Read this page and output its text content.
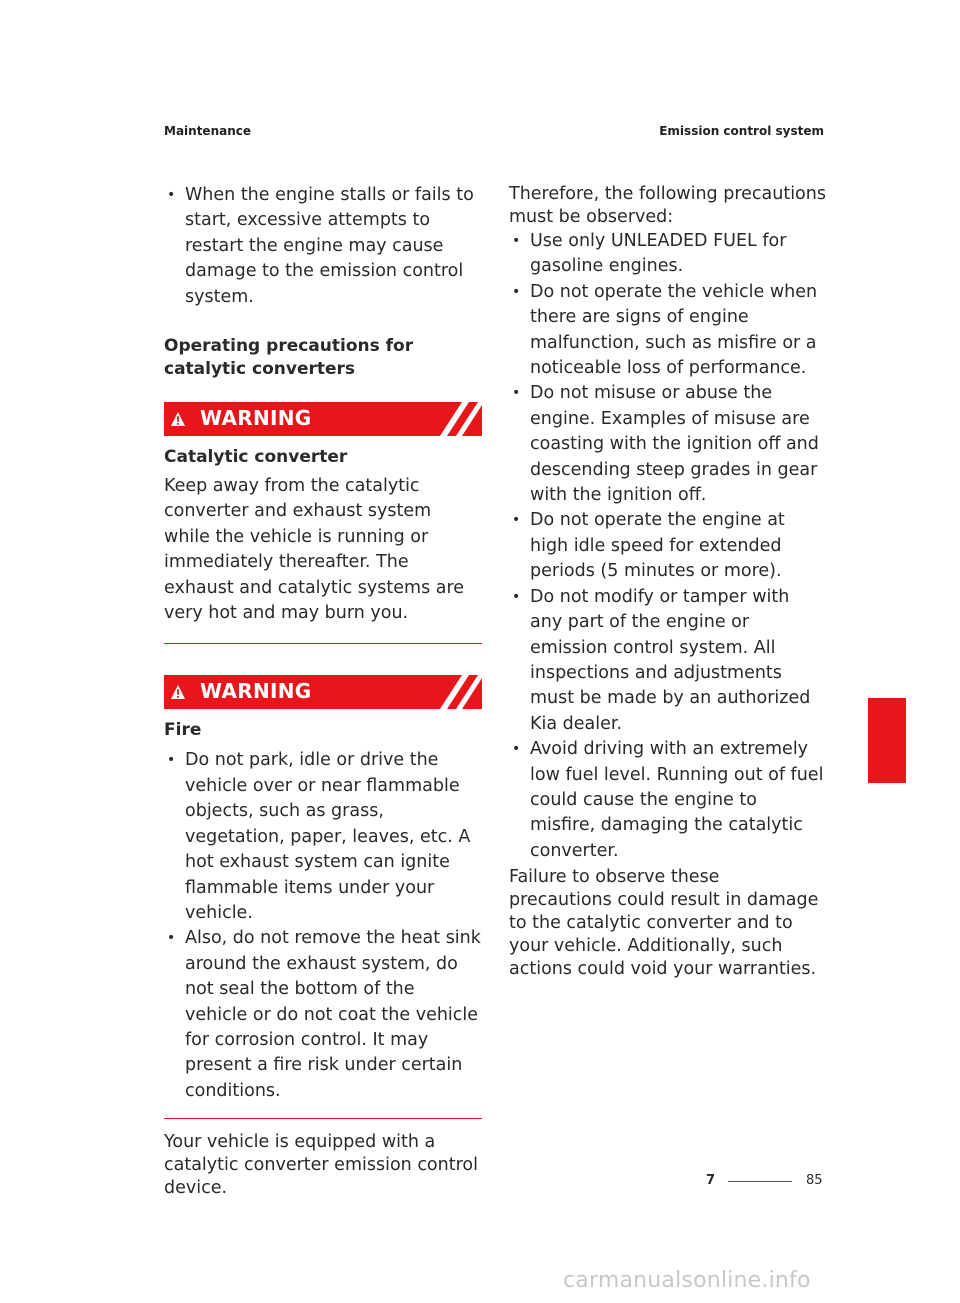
Maintenance	Emission control system

• When the engine stalls or fails to start, excessive attempts to restart the engine may cause damage to the emission control system.

Operating precautions for catalytic converters
WARNING
Catalytic converter
Keep away from the catalytic converter and exhaust system while the vehicle is running or immediately thereafter. The exhaust and catalytic systems are very hot and may burn you.
WARNING
Fire

• Do not park, idle or drive the vehicle over or near flammable objects, such as grass, vegetation, paper, leaves, etc. A hot exhaust system can ignite flammable items under your vehicle.

• Also, do not remove the heat sink around the exhaust system, do not seal the bottom of the vehicle or do not coat the vehicle for corrosion control. It may present a fire risk under certain conditions.

Your vehicle is equipped with a catalytic converter emission control device.
Therefore, the following precautions must be observed:

• Use only UNLEADED FUEL for gasoline engines.

• Do not operate the vehicle when there are signs of engine malfunction, such as misfire or a noticeable loss of performance.

• Do not misuse or abuse the engine. Examples of misuse are coasting with the ignition off and descending steep grades in gear with the ignition off.

• Do not operate the engine at high idle speed for extended periods (5 minutes or more).

• Do not modify or tamper with any part of the engine or emission control system. All inspections and adjustments must be made by an authorized Kia dealer.

• Avoid driving with an extremely low fuel level. Running out of fuel could cause the engine to misfire, damaging the catalytic converter.

Failure to observe these precautions could result in damage to the catalytic converter and to your vehicle. Additionally, such actions could void your warranties.
7
7	85
carmanualsonline.info
